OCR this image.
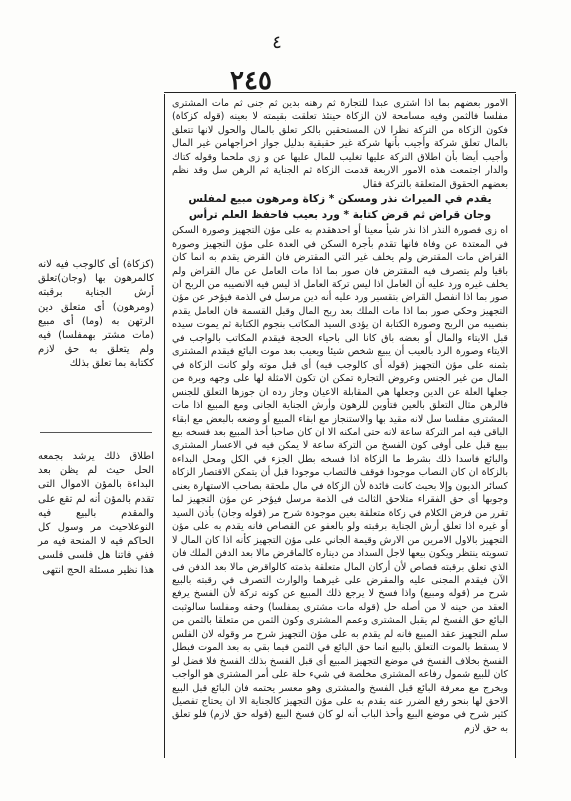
٤
٢٤٥

الامور بعضهم بما اذا اشترى عبدا للتجارة ثم رهنه بدين ثم جنى ثم مات المشترى مفلسا فالثمن وفيه مسامحة لان الزكاة حينئذ تعلقت بقيمته لا بعينه (قوله كزكاة) فكون الزكاة من التركة نظرا لان المستحقين بالكر تعلق بالمال والحول لانها تتعلق بالمال تعلق شركة وأجيب بأنها شركة غير حقيقية بدليل جواز اخراجهامن غير المال وأجيب أيضا بأن اطلاق التركة عليها تغليب للمال عليها عن و زى ملحما وقوله كتاك والدار اجتمعت هذه الامور الاربعة قدمت الزكاة ثم الجناية ثم الرهن سل وقد نظم بعضهم الحقوق المتعلقة بالتركة فقال

يقدم في الميراث نذر ومسكن * زكاة ومرهون مبيع لمفلس

وجان قراض ثم قرض كتابة * ورد بعيب فاحفظ العلم ترأس

اه زى فصورة النذر اذا نذر شيأ معينا أو احدهقدم به على مؤن التجهيز وصورة السكن في المعتدة عن وفاة فانها تقدم بأجرة السكن في العدة على مؤن التجهيز وصورة القراض مات المقترض ولم يخلف غير التي المقترض فان القرض يقدم به انما كان باقيا ولم يتصرف فيه المقترض فان صور بما اذا مات العامل عن مال القراض ولم يخلف غيره ورد عليه أن العامل اذا ليس تركة العامل اذ ليس فيه الانصيبه من الربح ان صور بما اذا انفصل القراض بتقسير ورد عليه أنه دين مرسل في الذمة فيؤخر عن مؤن التجهيز وحكي صور بما اذا مات الملك بعد ربح المال وقبل القسمة فان العامل يقدم بنصيبه من الربح وصورة الكتابة ان يؤدى السيد المكاتب بنجوم الكتابة ثم يموت سيده قبل الايتاء والمال أو بعضه باق كانا الى باحياء الحجة فيقدم المكاتب بالواجب في الايتاء وصورة الرد بالعيب أن يبيع شخص شيئا ويعيب بعد موت البائع فيقدم المشترى بثمنه على مؤن التجهيز (قوله أى كالوجب فيه) أى قبل موته ولو كانت الزكاة في المال من غير الجنس وعروض التجارة تمكن ان تكون الامثلة لها على وجهه ويرة من جعلها العلة عن الدين وجعلها هي المقابلة الاعيان وجاز رده ان جوزها التعلق للجنس فالرهن مثال التعلق بالعين فتأوين للرهون وأرش الجناية الجانى ومع المبيع اذا مات المشترى مفلسا سل لانه مقيد بها والاستنجاز مع ابقاء المبيع أو وضعه بالبعض مع ابقاء الباقى فيه امر التركة ساعة لانه حتى امكنه الا ان كان صاحبا أخذ المبيع بعد فسخه بيع ببيع قبل على أوفى كون الفسخ من التركة ساعة لا يمكن فيه في الاعسار المشترى والبائع فاسدا ذلك بشرط ما الزكاة اذا فسخه بطل الجزء في الكل ومحل البداءة بالزكاة ان كان النصاب موجودا فوقف فالتصاب موجودا قبل أن يتمكن الاقتصار الزكاة كسائر الديون وإلا بحيث كانت فائدة لأن الزكاة في مال ملحقة بصاحب الاستهارة يعنى وجوبها أى حق الفقراء متلاحق الثالث فى الذمة مرسل فيؤخر عن مؤن التجهيز لما تقرر من فرض الكلام في زكاة متعلقة بعين موجودة شرح مر (قوله وجان) بأذن السيد أو غيره اذا تعلق أرش الجناية برقبته ولو بالعفو عن القصاص فانه يقدم به على مؤن التجهيز بالاول الامرين من الارش وقيمة الجاني على مؤن التجهيز كأنه اذا كان المال لا تسويته ينتظر ويكون بيعها لاجل السداد من ديناره كالماقرض مالا بعد الدفن الملك فان الذي تعلق برقبته قصاص لأن أركان المال متعلقة بذمته كالواقرض مالا بعد الدفن فى الآن فيقدم المجنى عليه والمقرض على غيرهما والوارث التصرف في رقبته بالبيع شرح مر (قوله ومبيع) واذا فسخ لا يرجع ذلك المبيع عن كونه تركة لأن الفسخ يرفع العقد من حينه لا من أصله حل (قوله مات مشترى بمفلسا) وحقه ومفلسا سالوثبت البائع حق الفسخ لم يقبل المشترى وعمم المشترى وكون الثمن من متعلقا بالثمن من سلم التجهيز عقد المبيع فانه لم يقدم به على مؤن التجهيز شرح مر وقوله لان الفلس لا يسقط بالموت التعلق بالبيع انما حق البائع في الثمن فيما بقي به بعد الموت فبطل الفسخ بخلاف الفسخ في موضع التجهيز المبيع أى قبل الفسخ بذلك الفسخ فلا فضل لو كان للبيع شمول رفاعه المشترى مخلصة في شيء حلة على أمر المشترى هو الواجب ويخرج مع معرفة البائع قبل الفسخ والمشترى وهو معسر يحتمه فان البائع قبل البيع الاحق لها بنحو رفع الضرر عنه يقدم به على مؤن التجهيز كالجناية الا ان يحتاج تفصيل كثير شرح في موضع البيع وأحذ الباب أنه لو كان فسخ البيع (قوله حق لازم) فلو تعلق به حق لازم

(كزكاة) أى كالوجب فيه لانه كالمرهون بها (وجان)تعلق أرش الجناية برقبته (ومرهون) أى متعلق دين الرتهن به (وما) أى مبيع (مات مشتر بهمفلسا) فيه ولم يتعلق به حق لازم ككتابة بما تعلق بذلك
اطلاق ذلك يرشد بجمعه الحل حيث لم يظن بعد البداءة بالمؤن الاموال التى تقدم بالمؤن أنه لم تقع على والمقدم بالبيع فيه النوعلاحيث مر وسول كل الحاكم فيه لا المنحة فيه مر ففي فاتنا هل فلسى فلسى هذا نظير مسئلة الحج انتهى
